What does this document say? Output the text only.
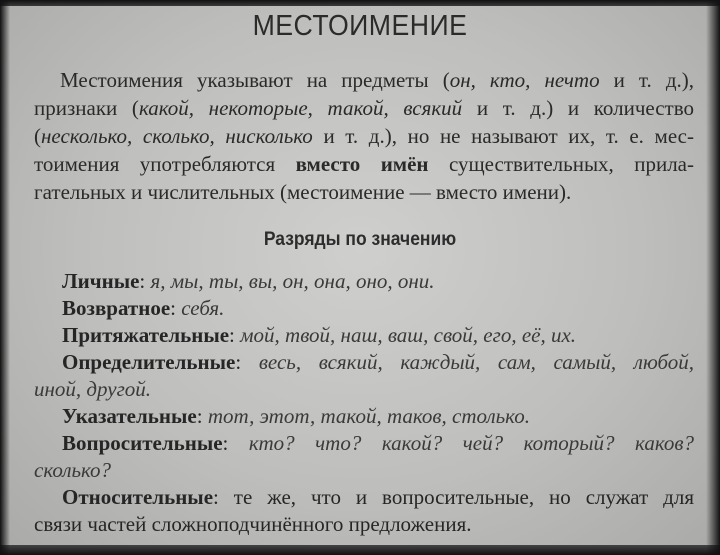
МЕСТОИМЕНИЕ
Местоимения указывают на предметы (он, кто, нечто и т. д.),
признаки (какой, некоторые, такой, всякий и т. д.) и количество
(несколько, сколько, нисколько и т. д.), но не называют их, т. е. мес-
тоимения употребляются вместо имён существительных, прила-
гательных и числительных (местоимение — вместо имени).
Разряды по значению
Личные: я, мы, ты, вы, он, она, оно, они.
Возвратное: себя.
Притяжательные: мой, твой, наш, ваш, свой, его, её, их.
Определительные: весь, всякий, каждый, сам, самый, любой,
иной, другой.
Указательные: тот, этот, такой, таков, столько.
Вопросительные: кто? что? какой? чей? который? каков?
сколько?
Относительные: те же, что и вопросительные, но служат для
связи частей сложноподчинённого предложения.
